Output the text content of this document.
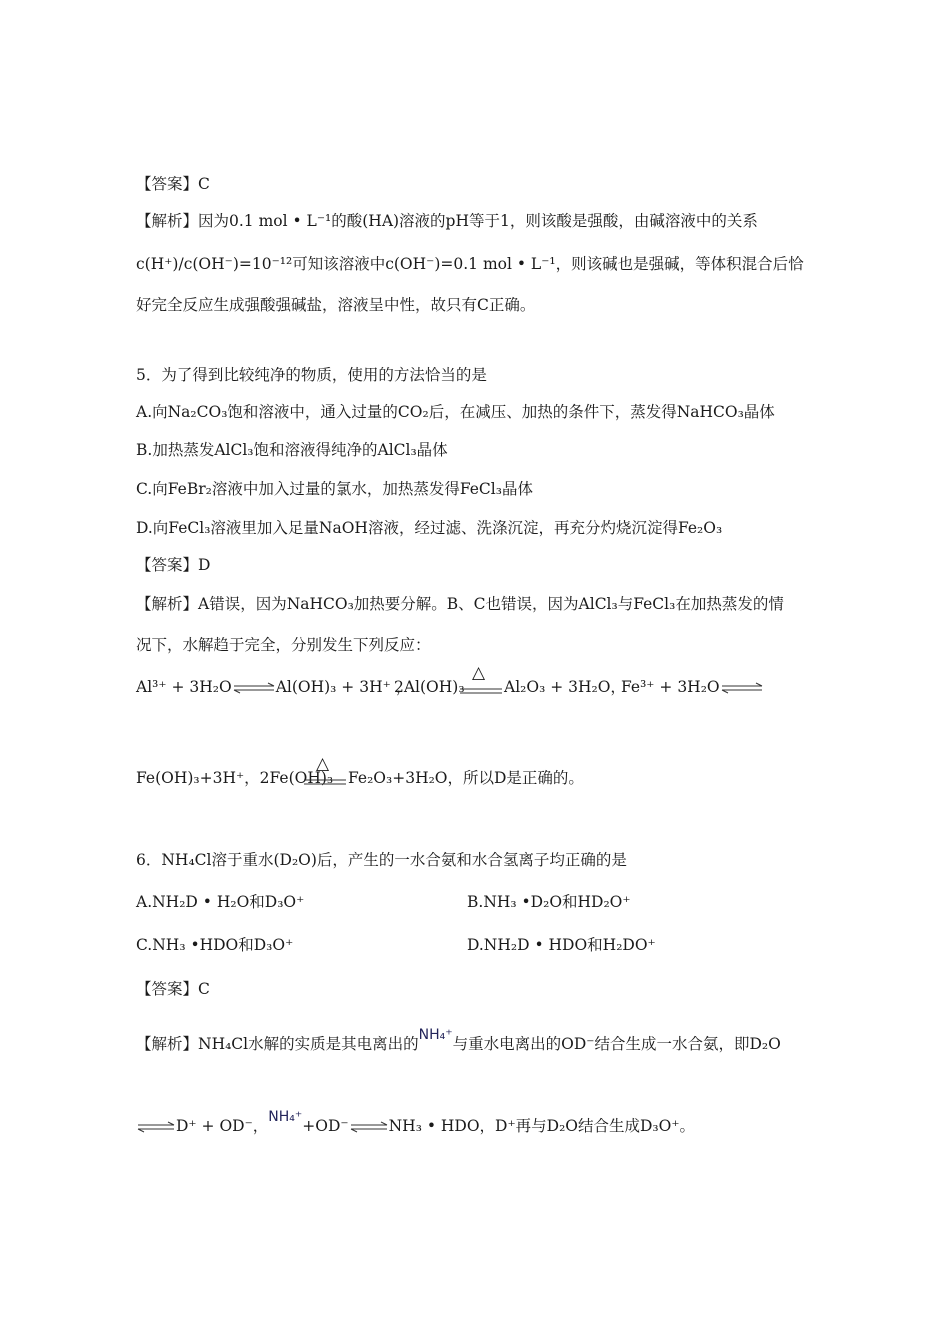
【答案】C
【解析】因为0.1 mol • L⁻¹的酸(HA)溶液的pH等于1，则该酸是强酸，由碱溶液中的关系
c(H⁺)/c(OH⁻)=10⁻¹²可知该溶液中c(OH⁻)=0.1 mol • L⁻¹，则该碱也是强碱，等体积混合后恰
好完全反应生成强酸强碱盐，溶液呈中性，故只有C正确。
5．为了得到比较纯净的物质，使用的方法恰当的是
A.向Na₂CO₃饱和溶液中，通入过量的CO₂后，在减压、加热的条件下，蒸发得NaHCO₃晶体
B.加热蒸发AlCl₃饱和溶液得纯净的AlCl₃晶体
C.向FeBr₂溶液中加入过量的氯水，加热蒸发得FeCl₃晶体
D.向FeCl₃溶液里加入足量NaOH溶液，经过滤、洗涤沉淀，再充分灼烧沉淀得Fe₂O₃
【答案】D
【解析】A错误，因为NaHCO₃加热要分解。B、C也错误，因为AlCl₃与FeCl₃在加热蒸发的情
况下，水解趋于完全，分别发生下列反应：
Al³⁺ + 3H₂O⇌Al(OH)₃ + 3H⁺ ，
2Al(OH)₃
△
Al₂O₃ + 3H₂O，
Fe³⁺ + 3H₂O⇌
Fe(OH)₃+3H⁺，2Fe(OH)₃
△
Fe₂O₃+3H₂O，所以D是正确的。
6．NH₄Cl溶于重水(D₂O)后，产生的一水合氨和水合氢离子均正确的是
A.NH₂D • H₂O和D₃O⁺	B.NH₃ •D₂O和HD₂O⁺
C.NH₃ •HDO和D₃O⁺	D.NH₂D • HDO和H₂DO⁺
【答案】C
【解析】NH₄Cl水解的实质是其电离出的NH₄⁺与重水电离出的OD⁻结合生成一水合氨，即D₂O
⇌D⁺ + OD⁻，NH₄⁺+OD⁻⇌NH₃ • HDO，D⁺再与D₂O结合生成D₃O⁺。
